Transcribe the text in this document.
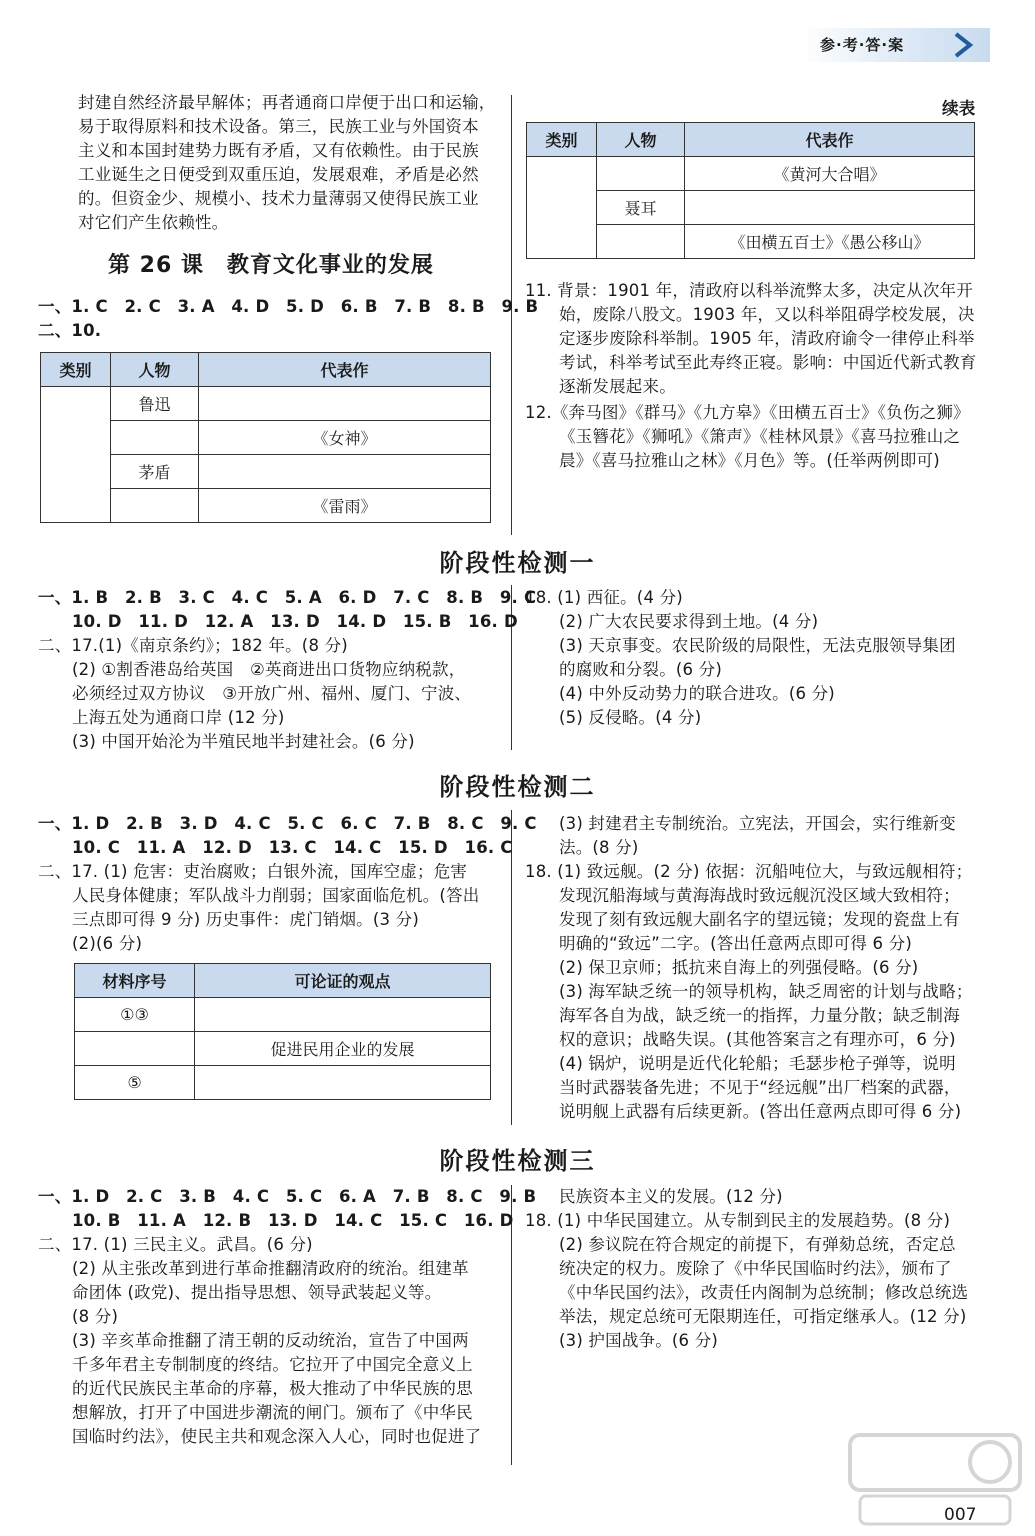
参·考·答·案
封建自然经济最早解体；再者通商口岸便于出口和运输，
易于取得原料和技术设备。第三，民族工业与外国资本
主义和本国封建势力既有矛盾，又有依赖性。由于民族
工业诞生之日便受到双重压迫，发展艰难，矛盾是必然
的。但资金少、规模小、技术力量薄弱又使得民族工业
对它们产生依赖性。
第 26 课　教育文化事业的发展
一、1. C　2. C　3. A　4. D　5. D　6. B　7. B　8. B　9. B
二、10.
类别	人物	代表作
	鲁迅	
		《女神》
	茅盾	
		《雷雨》
续表
类别	人物	代表作
		《黄河大合唱》
	聂耳	
		《田横五百士》《愚公移山》
11. 背景：1901 年，清政府以科举流弊太多，决定从次年开
始，废除八股文。1903 年，又以科举阻碍学校发展，决
定逐步废除科举制。1905 年，清政府谕令一律停止科举
考试，科举考试至此寿终正寝。影响：中国近代新式教育
逐渐发展起来。
12.《奔马图》《群马》《九方皋》《田横五百士》《负伤之狮》
《玉簪花》《狮吼》《箫声》《桂林风景》《喜马拉雅山之
晨》《喜马拉雅山之林》《月色》等。(任举两例即可)
阶段性检测一
一、1. B　2. B　3. C　4. C　5. A　6. D　7. C　8. B　9. C
10. D　11. D　12. A　13. D　14. D　15. B　16. D
二、17.(1)《南京条约》；182 年。(8 分)
(2) ①割香港岛给英国　②英商进出口货物应纳税款，
必须经过双方协议　③开放广州、福州、厦门、宁波、
上海五处为通商口岸 (12 分)
(3) 中国开始沦为半殖民地半封建社会。(6 分)
18. (1) 西征。(4 分)
(2) 广大农民要求得到土地。(4 分)
(3) 天京事变。农民阶级的局限性，无法克服领导集团
的腐败和分裂。(6 分)
(4) 中外反动势力的联合进攻。(6 分)
(5) 反侵略。(4 分)
阶段性检测二
一、1. D　2. B　3. D　4. C　5. C　6. C　7. B　8. C　9. C
10. C　11. A　12. D　13. C　14. C　15. D　16. C
二、17. (1) 危害：吏治腐败；白银外流，国库空虚；危害
人民身体健康；军队战斗力削弱；国家面临危机。(答出
三点即可得 9 分) 历史事件：虎门销烟。(3 分)
(2)(6 分)
材料序号	可论证的观点
①③	
	促进民用企业的发展
⑤	
(3) 封建君主专制统治。立宪法，开国会，实行维新变
法。(8 分)
18. (1) 致远舰。(2 分) 依据：沉船吨位大，与致远舰相符；
发现沉船海域与黄海海战时致远舰沉没区域大致相符；
发现了刻有致远舰大副名字的望远镜；发现的瓷盘上有
明确的“致远”二字。(答出任意两点即可得 6 分)
(2) 保卫京师；抵抗来自海上的列强侵略。(6 分)
(3) 海军缺乏统一的领导机构，缺乏周密的计划与战略；
海军各自为战，缺乏统一的指挥，力量分散；缺乏制海
权的意识；战略失误。(其他答案言之有理亦可，6 分)
(4) 锅炉，说明是近代化轮船；毛瑟步枪子弹等，说明
当时武器装备先进；不见于“经远舰”出厂档案的武器，
说明舰上武器有后续更新。(答出任意两点即可得 6 分)
阶段性检测三
一、1. D　2. C　3. B　4. C　5. C　6. A　7. B　8. C　9. B
10. B　11. A　12. B　13. D　14. C　15. C　16. D
二、17. (1) 三民主义。武昌。(6 分)
(2) 从主张改革到进行革命推翻清政府的统治。组建革
命团体 (政党)、提出指导思想、领导武装起义等。
(8 分)
(3) 辛亥革命推翻了清王朝的反动统治，宣告了中国两
千多年君主专制制度的终结。它拉开了中国完全意义上
的近代民族民主革命的序幕，极大推动了中华民族的思
想解放，打开了中国进步潮流的闸门。颁布了《中华民
国临时约法》，使民主共和观念深入人心，同时也促进了
民族资本主义的发展。(12 分)
18. (1) 中华民国建立。从专制到民主的发展趋势。(8 分)
(2) 参议院在符合规定的前提下，有弹劾总统，否定总
统决定的权力。废除了《中华民国临时约法》，颁布了
《中华民国约法》，改责任内阁制为总统制；修改总统选
举法，规定总统可无限期连任，可指定继承人。(12 分)
(3) 护国战争。(6 分)
007
